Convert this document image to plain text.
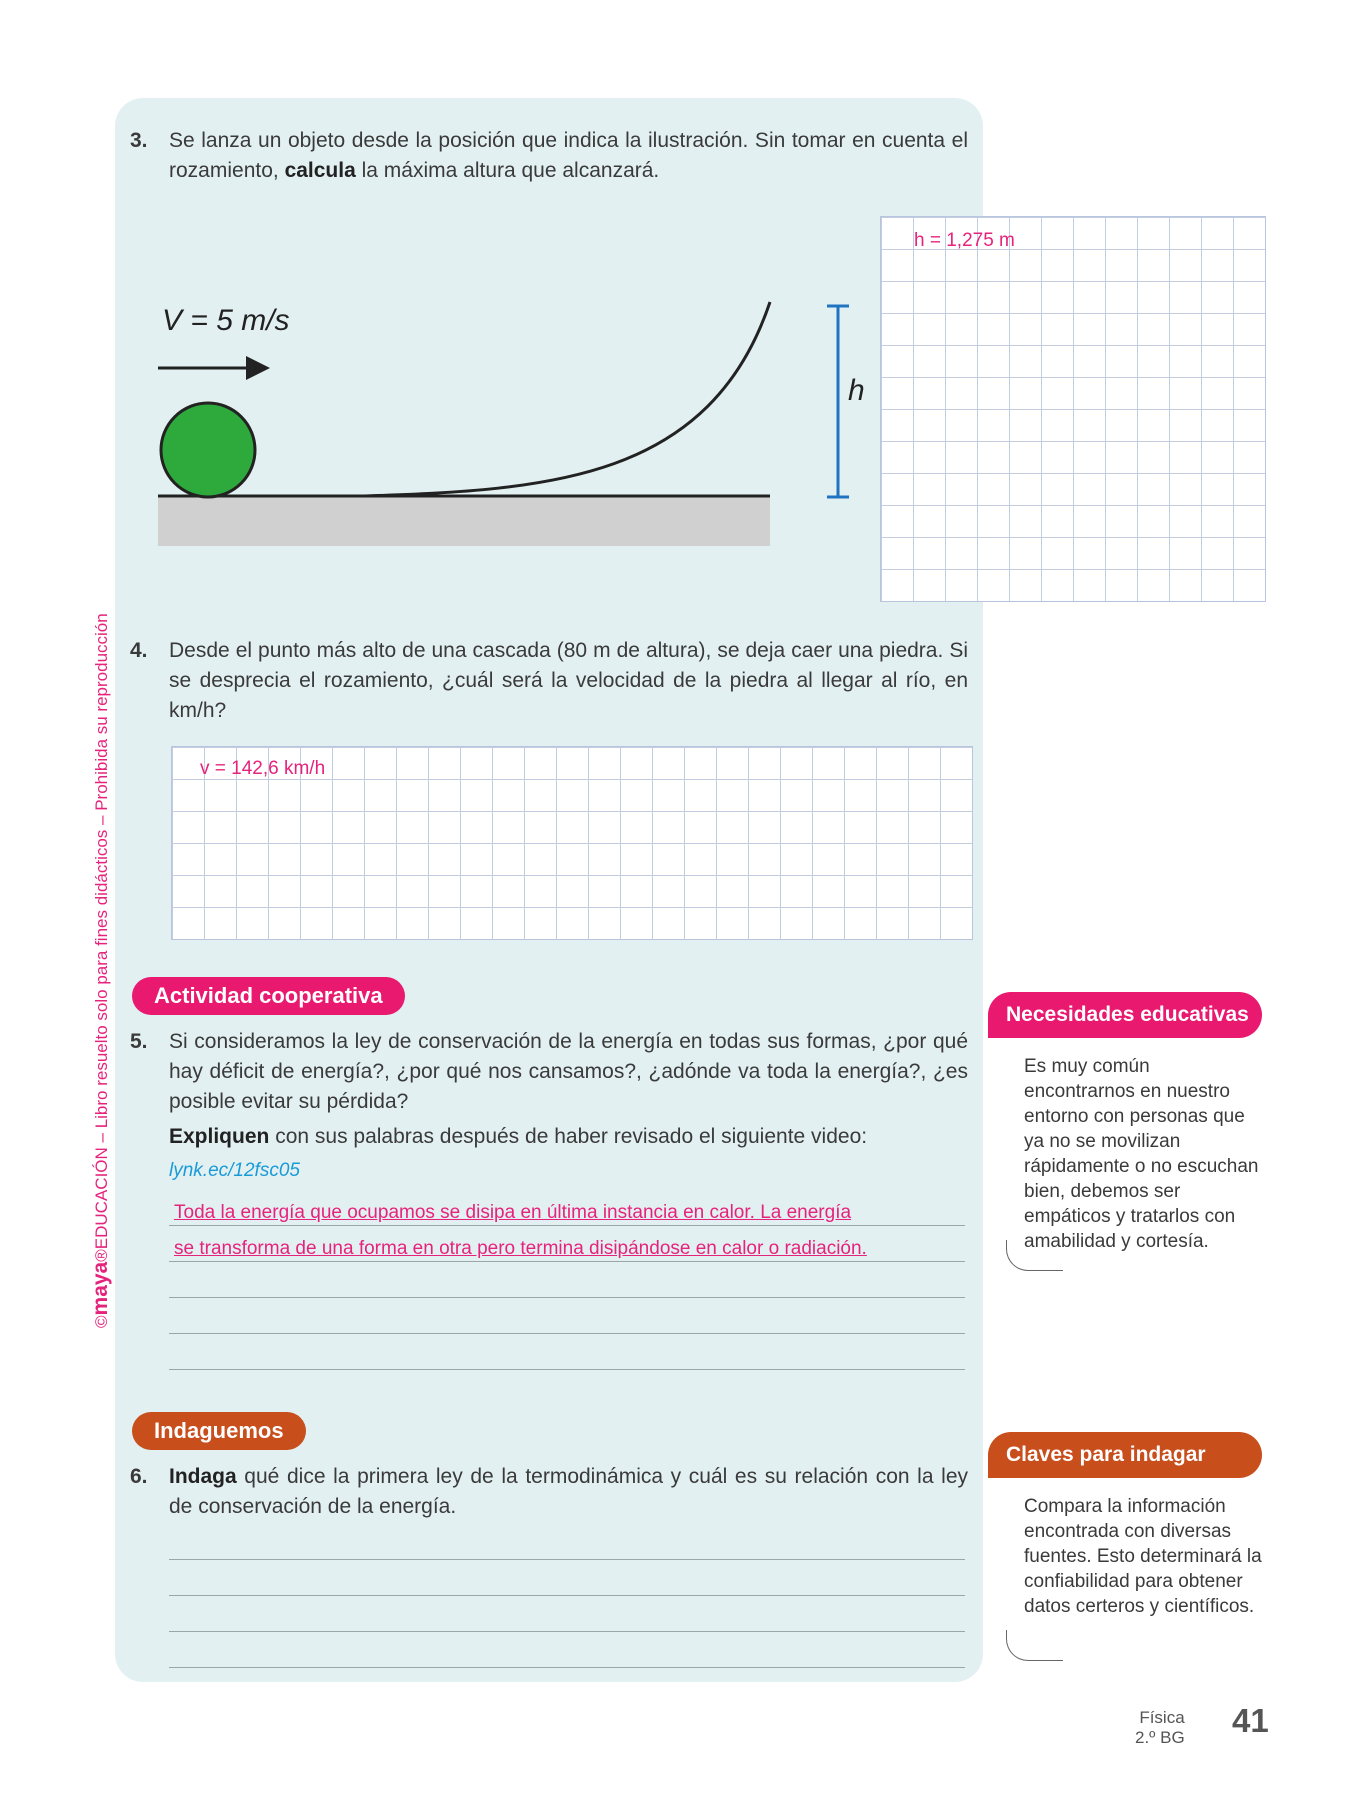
©maya®EDUCACIÓN – Libro resuelto solo para fines didácticos – Prohibida su reproducción
3. Se lanza un objeto desde la posición que indica la ilustración. Sin tomar en cuenta el rozamiento, calcula la máxima altura que alcanzará.
V = 5 m/s
h
h = 1,275 m
4. Desde el punto más alto de una cascada (80 m de altura), se deja caer una piedra. Si se desprecia el rozamiento, ¿cuál será la velocidad de la piedra al llegar al río, en km/h?
v = 142,6 km/h
Actividad cooperativa
5. Si consideramos la ley de conservación de la energía en todas sus formas, ¿por qué hay déficit de energía?, ¿por qué nos cansamos?, ¿adónde va toda la energía?, ¿es posible evitar su pérdida?
Expliquen con sus palabras después de haber revisado el siguiente video:
lynk.ec/12fsc05
Toda la energía que ocupamos se disipa en última instancia en calor. La energía
se transforma de una forma en otra pero termina disipándose en calor o radiación.
Indaguemos
6. Indaga qué dice la primera ley de la termodinámica y cuál es su relación con la ley de conservación de la energía.
Necesidades educativas
Es muy común encontrarnos en nuestro entorno con personas que ya no se movilizan rápidamente o no escuchan bien, debemos ser empáticos y tratarlos con amabilidad y cortesía.
Claves para indagar
Compara la información encontrada con diversas fuentes. Esto determinará la confiabilidad para obtener datos certeros y científicos.
Física
2.º BG 41
